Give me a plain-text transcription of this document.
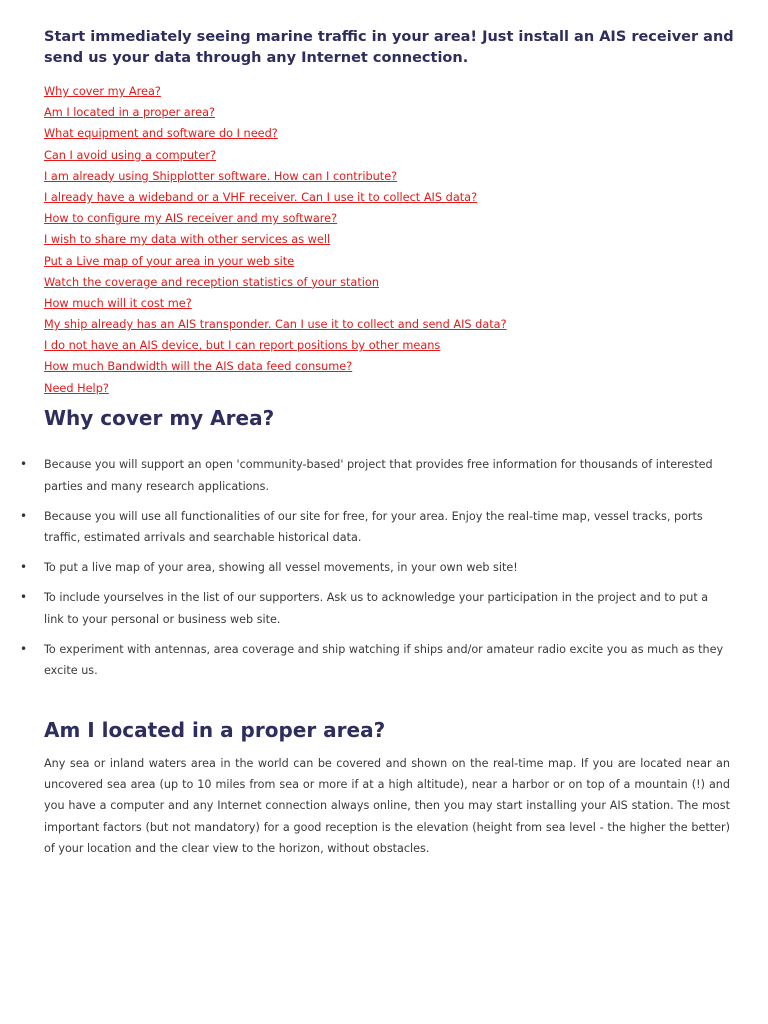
Start immediately seeing marine traffic in your area! Just install an AIS receiver and send us your data through any Internet connection.

Why cover my Area?
Am I located in a proper area?
What equipment and software do I need?
Can I avoid using a computer?
I am already using Shipplotter software. How can I contribute?
I already have a wideband or a VHF receiver. Can I use it to collect AIS data?
How to configure my AIS receiver and my software?
I wish to share my data with other services as well
Put a Live map of your area in your web site
Watch the coverage and reception statistics of your station
How much will it cost me?
My ship already has an AIS transponder. Can I use it to collect and send AIS data?
I do not have an AIS device, but I can report positions by other means
How much Bandwidth will the AIS data feed consume?
Need Help?
Why cover my Area?
• Because you will support an open 'community-based' project that provides free information for thousands of interested parties and many research applications.
• Because you will use all functionalities of our site for free, for your area. Enjoy the real-time map, vessel tracks, ports traffic, estimated arrivals and searchable historical data.
• To put a live map of your area, showing all vessel movements, in your own web site!
• To include yourselves in the list of our supporters. Ask us to acknowledge your participation in the project and to put a link to your personal or business web site.
• To experiment with antennas, area coverage and ship watching if ships and/or amateur radio excite you as much as they excite us.
Am I located in a proper area?

Any sea or inland waters area in the world can be covered and shown on the real-time map. If you are located near an uncovered sea area (up to 10 miles from sea or more if at a high altitude), near a harbor or on top of a mountain (!) and you have a computer and any Internet connection always online, then you may start installing your AIS station. The most important factors (but not mandatory) for a good reception is the elevation (height from sea level - the higher the better) of your location and the clear view to the horizon, without obstacles.
